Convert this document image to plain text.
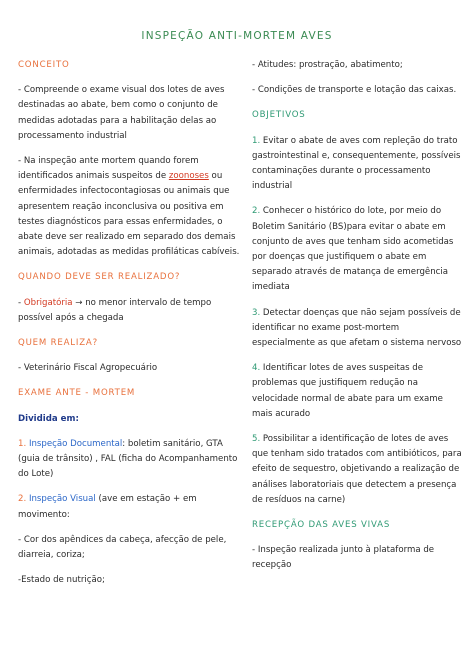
INSPEÇÃO ANTI-MORTEM AVES

CONCEITO

- Compreende o exame visual dos lotes de aves destinadas ao abate, bem como o conjunto de medidas adotadas para a habilitação delas ao processamento industrial

- Na inspeção ante mortem quando forem identificados animais suspeitos de zoonoses ou enfermidades infectocontagiosas ou animais que apresentem reação inconclusiva ou positiva em testes diagnósticos para essas enfermidades, o abate deve ser realizado em separado dos demais animais, adotadas as medidas profiláticas cabíveis.

QUANDO DEVE SER REALIZADO?

- Obrigatória → no menor intervalo de tempo possível após a chegada

QUEM REALIZA?

- Veterinário Fiscal Agropecuário

EXAME ANTE - MORTEM

Dividida em:

1. Inspeção Documental: boletim sanitário, GTA (guia de trânsito) , FAL (ficha do Acompanhamento do Lote)

2. Inspeção Visual (ave em estação + em movimento:

- Cor dos apêndices da cabeça, afecção de pele, diarreia, coriza;

-Estado de nutrição;

- Atitudes: prostração, abatimento;

- Condições de transporte e lotação das caixas.

OBJETIVOS

1. Evitar o abate de aves com repleção do trato gastrointestinal e, consequentemente, possíveis contaminações durante o processamento industrial

2. Conhecer o histórico do lote, por meio do Boletim Sanitário (BS)para evitar o abate em conjunto de aves que tenham sido acometidas por doenças que justifiquem o abate em separado através de matança de emergência imediata

3. Detectar doenças que não sejam possíveis de identificar no exame post-mortem especialmente as que afetam o sistema nervoso

4. Identificar lotes de aves suspeitas de problemas que justifiquem redução na velocidade normal de abate para um exame mais acurado

5. Possibilitar a identificação de lotes de aves que tenham sido tratados com antibióticos, para efeito de sequestro, objetivando a realização de análises laboratoriais que detectem a presença de resíduos na carne)

RECEPÇÃO DAS AVES VIVAS

- Inspeção realizada junto à plataforma de recepção
